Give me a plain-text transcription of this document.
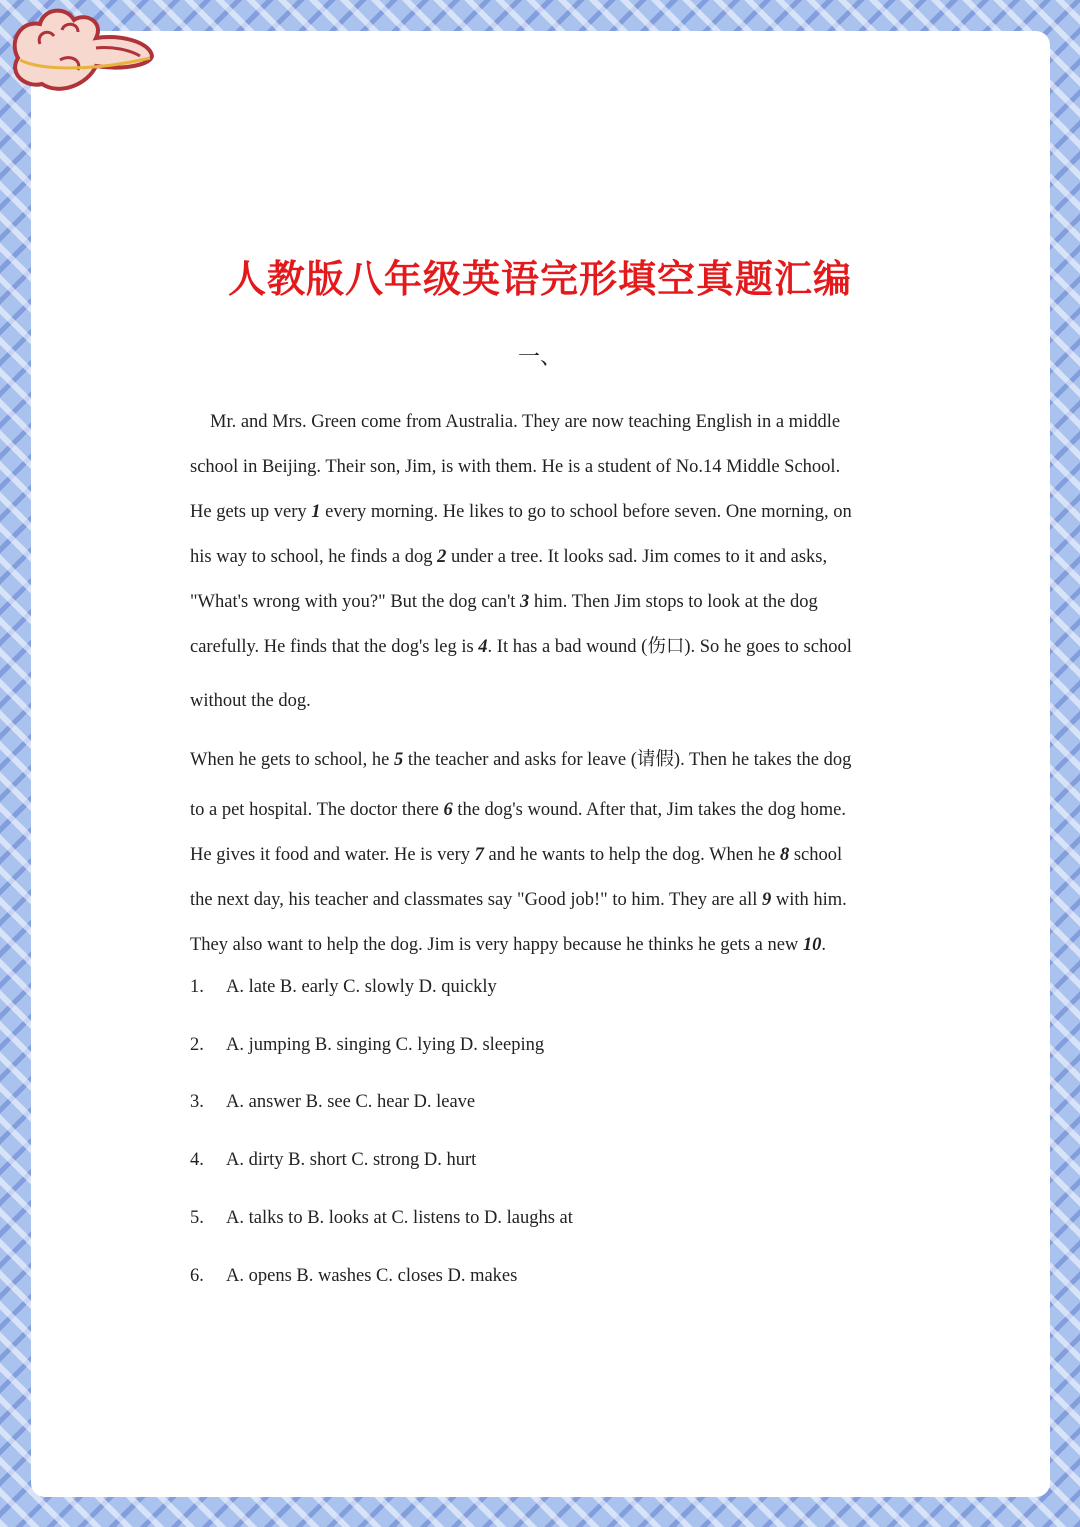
人教版八年级英语完形填空真题汇编
一、
Mr. and Mrs. Green come from Australia. They are now teaching English in a middle
school in Beijing. Their son, Jim, is with them. He is a student of No.14 Middle School.
He gets up very 1 every morning. He likes to go to school before seven. One morning, on
his way to school, he finds a dog 2 under a tree. It looks sad. Jim comes to it and asks,
"What's wrong with you?" But the dog can't 3 him. Then Jim stops to look at the dog
carefully. He finds that the dog's leg is 4. It has a bad wound (伤口). So he goes to school
without the dog.
When he gets to school, he 5 the teacher and asks for leave (请假). Then he takes the dog
to a pet hospital. The doctor there 6 the dog's wound. After that, Jim takes the dog home.
He gives it food and water. He is very 7 and he wants to help the dog. When he 8 school
the next day, his teacher and classmates say "Good job!" to him. They are all 9 with him.
They also want to help the dog. Jim is very happy because he thinks he gets a new 10.
1. A. late B. early C. slowly D. quickly
2. A. jumping B. singing C. lying D. sleeping
3. A. answer B. see C. hear D. leave
4. A. dirty B. short C. strong D. hurt
5. A. talks to B. looks at C. listens to D. laughs at
6. A. opens B. washes C. closes D. makes
